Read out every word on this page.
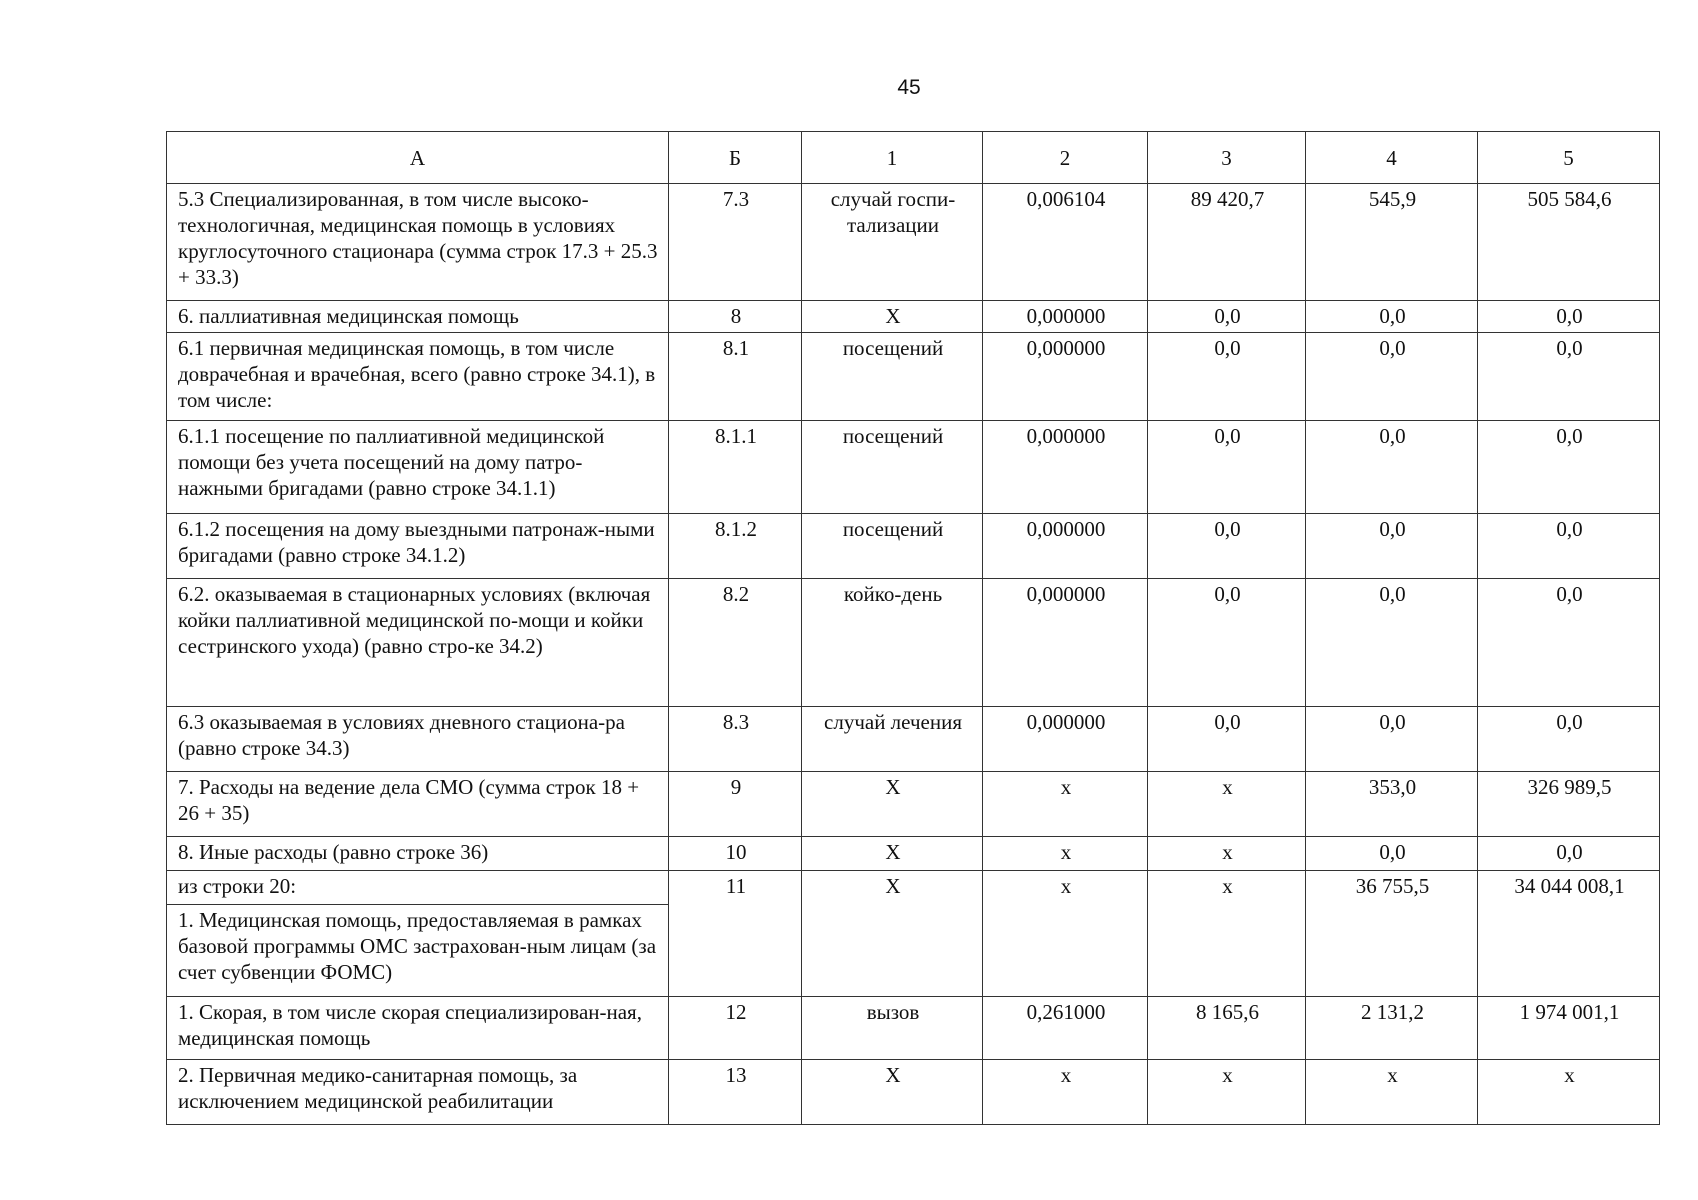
45
А	Б	1	2	3	4	5
5.3 Специализированная, в том числе высоко-технологичная, медицинская помощь в условиях круглосуточного стационара (сумма строк 17.3 + 25.3 + 33.3)	7.3	случай госпи-тализации	0,006104	89 420,7	545,9	505 584,6
6. паллиативная медицинская помощь	8	Х	0,000000	0,0	0,0	0,0
6.1 первичная медицинская помощь, в том числе доврачебная и врачебная, всего (равно строке 34.1), в том числе:	8.1	посещений	0,000000	0,0	0,0	0,0
6.1.1 посещение по паллиативной медицинской помощи без учета посещений на дому патро-нажными бригадами (равно строке 34.1.1)	8.1.1	посещений	0,000000	0,0	0,0	0,0
6.1.2 посещения на дому выездными патронаж-ными бригадами (равно строке 34.1.2)	8.1.2	посещений	0,000000	0,0	0,0	0,0
6.2. оказываемая в стационарных условиях (включая койки паллиативной медицинской по-мощи и койки сестринского ухода) (равно стро-ке 34.2)	8.2	койко-день	0,000000	0,0	0,0	0,0
6.3 оказываемая в условиях дневного стациона-ра (равно строке 34.3)	8.3	случай лечения	0,000000	0,0	0,0	0,0
7. Расходы на ведение дела СМО (сумма строк 18 + 26 + 35)	9	Х	х	х	353,0	326 989,5
8. Иные расходы (равно строке 36)	10	Х	х	х	0,0	0,0
из строки 20:	11	Х	х	х	36 755,5	34 044 008,1
1. Медицинская помощь, предоставляемая в рамках базовой программы ОМС застрахован-ным лицам (за счет субвенции ФОМС)						
1. Скорая, в том числе скорая специализирован-ная, медицинская помощь	12	вызов	0,261000	8 165,6	2 131,2	1 974 001,1
2. Первичная медико-санитарная помощь, за исключением медицинской реабилитации	13	Х	х	х	х	х
